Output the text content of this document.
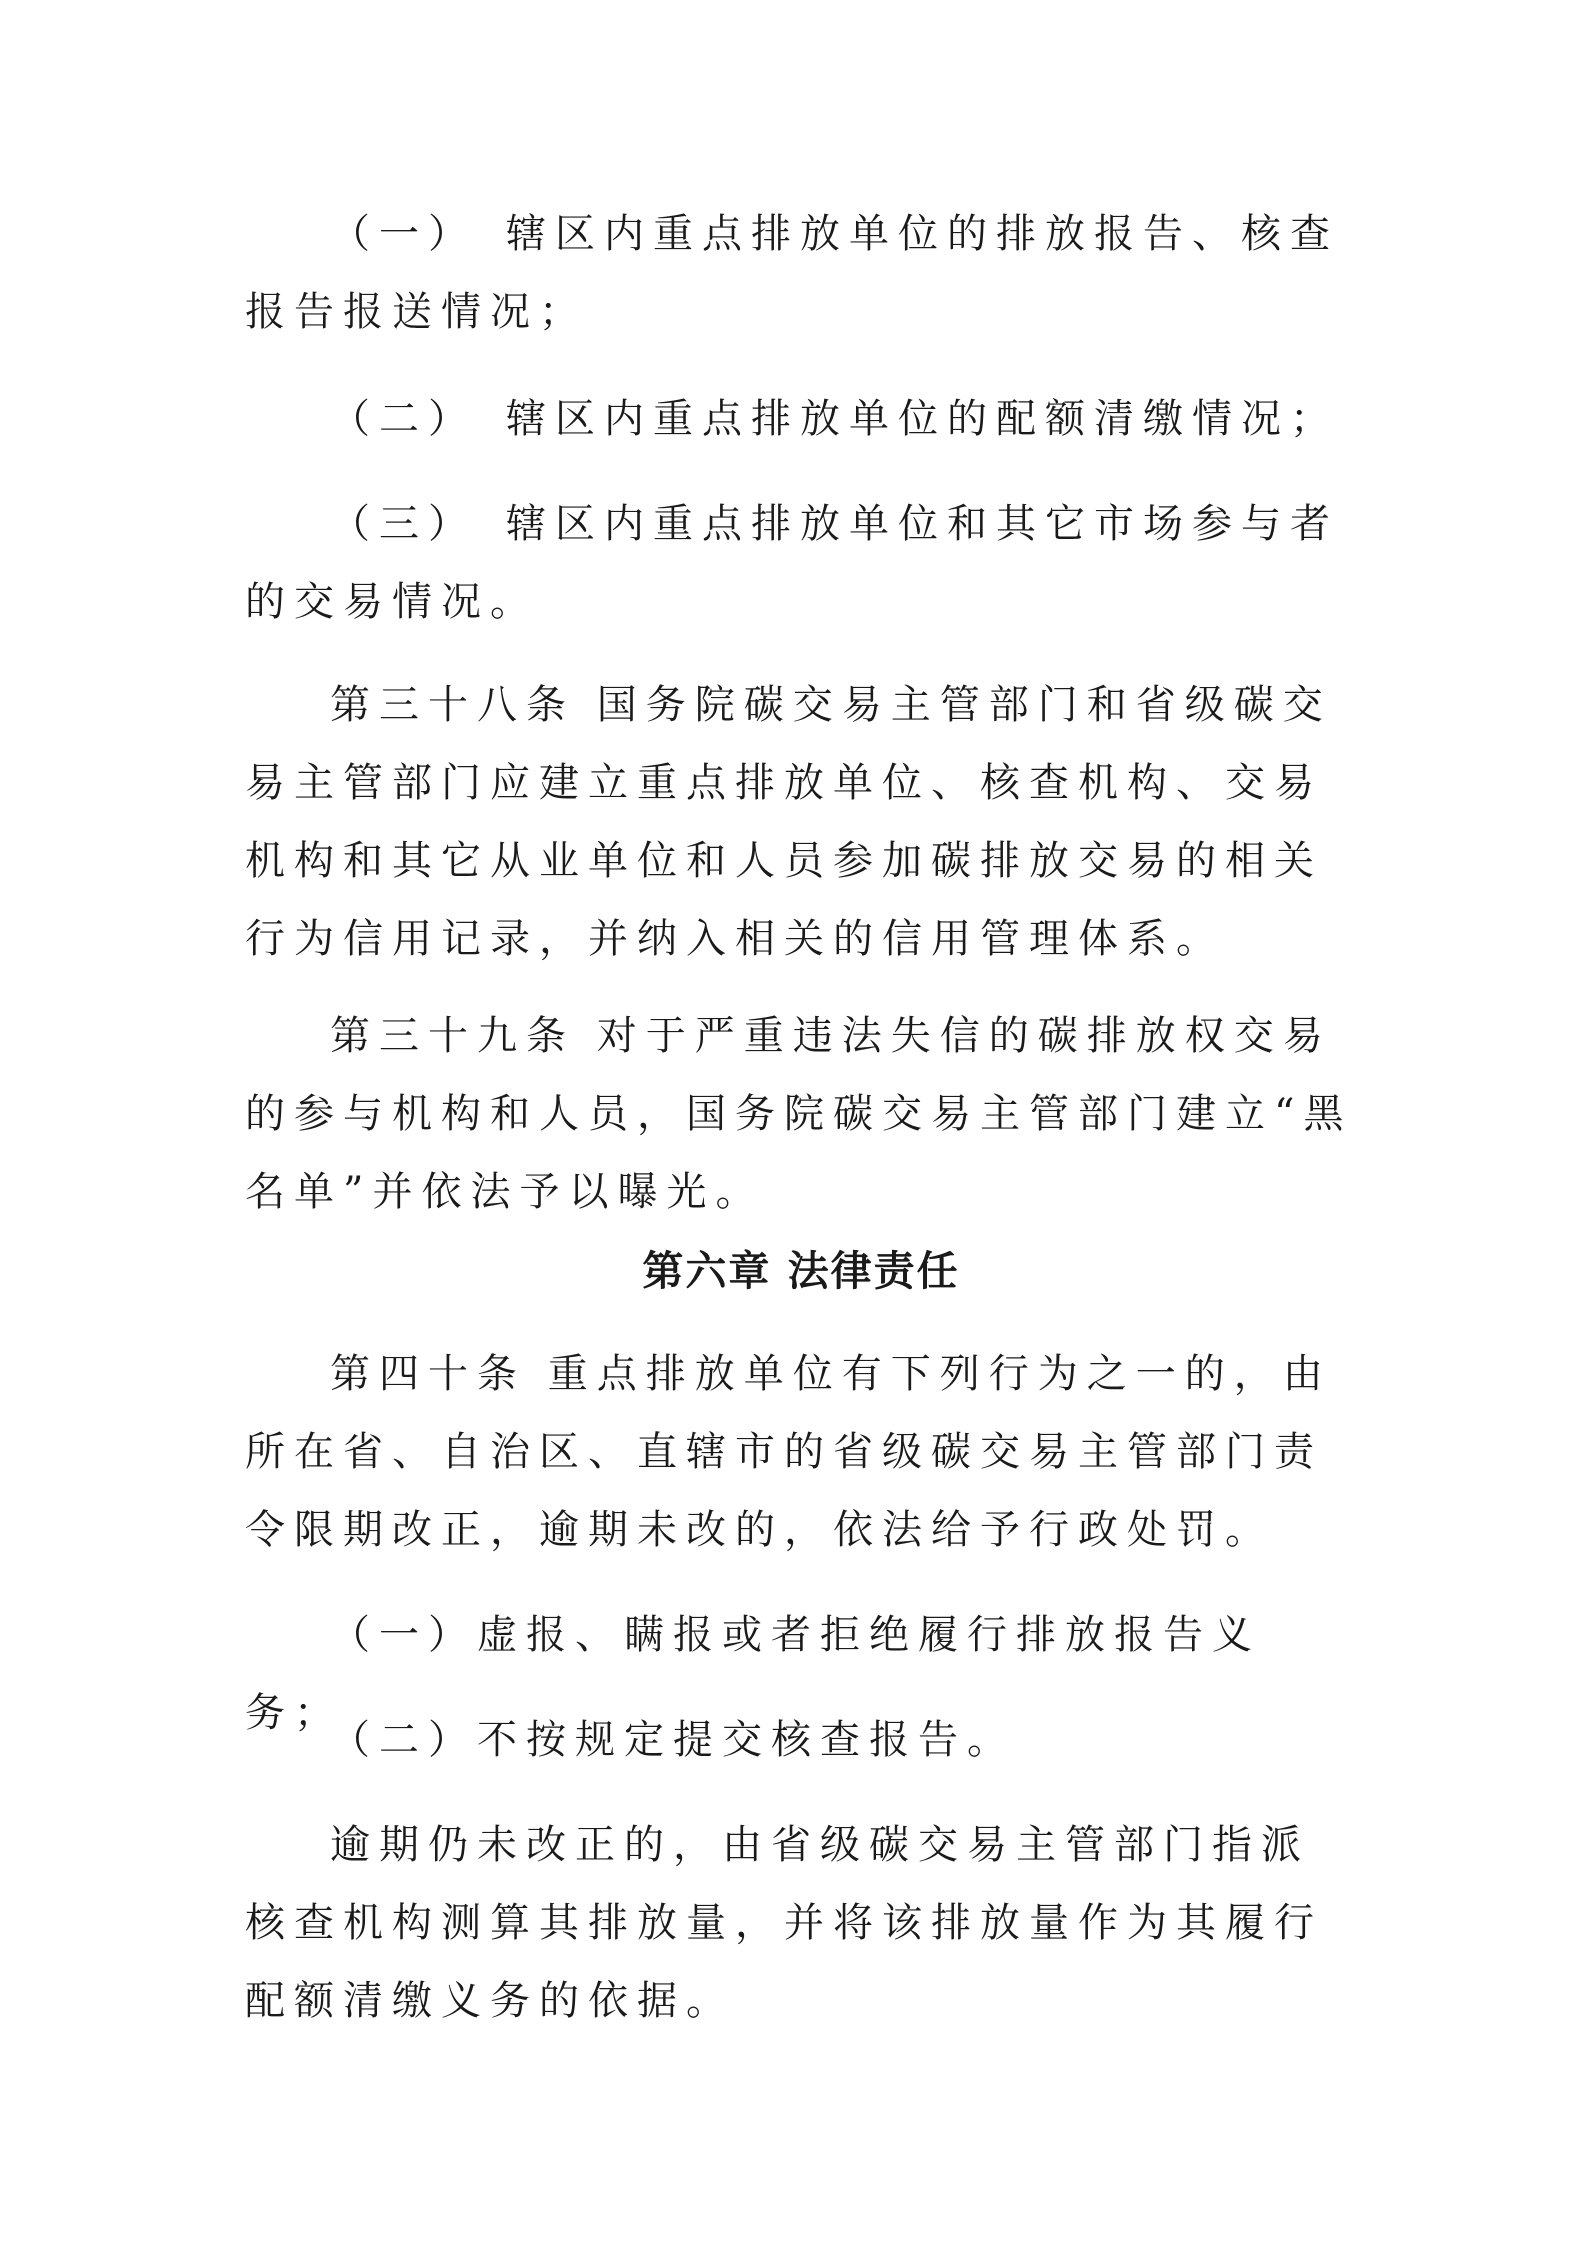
（一）　辖区内重点排放单位的排放报告、核查报告报送情况；

（二）　辖区内重点排放单位的配额清缴情况；

（三）　辖区内重点排放单位和其它市场参与者的交易情况。

第三十八条 国务院碳交易主管部门和省级碳交易主管部门应建立重点排放单位、核查机构、交易机构和其它从业单位和人员参加碳排放交易的相关行为信用记录，并纳入相关的信用管理体系。

第三十九条 对于严重违法失信的碳排放权交易的参与机构和人员，国务院碳交易主管部门建立“黑名单”并依法予以曝光。

第六章 法律责任

第四十条 重点排放单位有下列行为之一的，由所在省、自治区、直辖市的省级碳交易主管部门责令限期改正，逾期未改的，依法给予行政处罚。

（一）虚报、瞒报或者拒绝履行排放报告义务；

（二）不按规定提交核查报告。

逾期仍未改正的，由省级碳交易主管部门指派核查机构测算其排放量，并将该排放量作为其履行配额清缴义务的依据。
